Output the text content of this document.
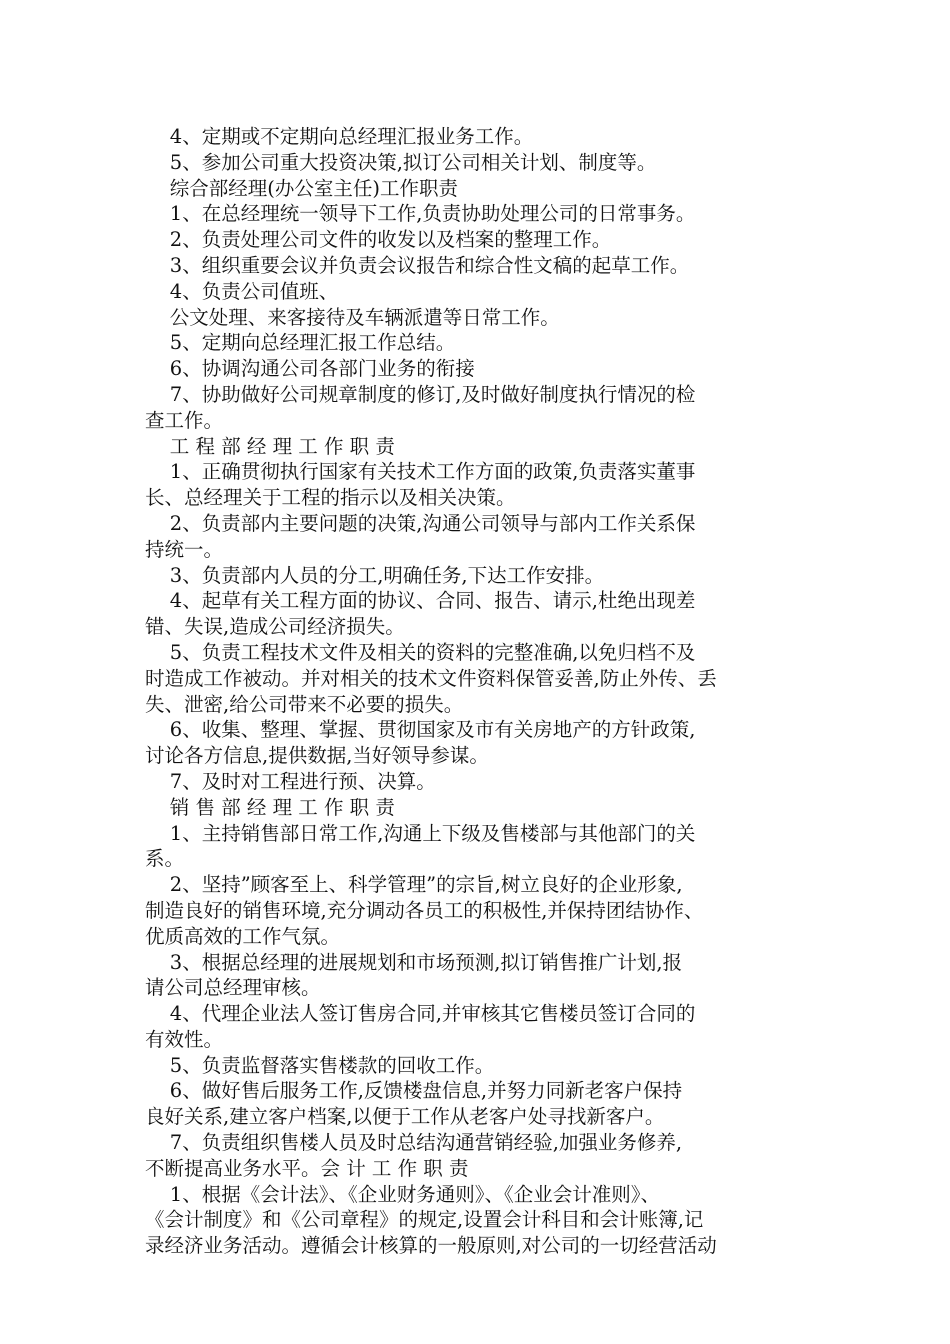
4、定期或不定期向总经理汇报业务工作。
5、参加公司重大投资决策,拟订公司相关计划、制度等。
综合部经理(办公室主任)工作职责
1、在总经理统一领导下工作,负责协助处理公司的日常事务。
2、负责处理公司文件的收发以及档案的整理工作。
3、组织重要会议并负责会议报告和综合性文稿的起草工作。
4、负责公司值班、
公文处理、来客接待及车辆派遣等日常工作。
5、定期向总经理汇报工作总结。
6、协调沟通公司各部门业务的衔接
7、协助做好公司规章制度的修订,及时做好制度执行情况的检
查工作。
工 程 部 经 理 工 作 职 责
1、正确贯彻执行国家有关技术工作方面的政策,负责落实董事
长、总经理关于工程的指示以及相关决策。
2、负责部内主要问题的决策,沟通公司领导与部内工作关系保
持统一。
3、负责部内人员的分工,明确任务,下达工作安排。
4、起草有关工程方面的协议、合同、报告、请示,杜绝出现差
错、失误,造成公司经济损失。
5、负责工程技术文件及相关的资料的完整准确,以免归档不及
时造成工作被动。并对相关的技术文件资料保管妥善,防止外传、丢
失、泄密,给公司带来不必要的损失。
6、收集、整理、掌握、贯彻国家及市有关房地产的方针政策,
讨论各方信息,提供数据,当好领导参谋。
7、及时对工程进行预、决算。
销 售 部 经 理 工 作 职 责
1、主持销售部日常工作,沟通上下级及售楼部与其他部门的关
系。
2、坚持”顾客至上、科学管理”的宗旨,树立良好的企业形象,
制造良好的销售环境,充分调动各员工的积极性,并保持团结协作、
优质高效的工作气氛。
3、根据总经理的进展规划和市场预测,拟订销售推广计划,报
请公司总经理审核。
4、代理企业法人签订售房合同,并审核其它售楼员签订合同的
有效性。
5、负责监督落实售楼款的回收工作。
6、做好售后服务工作,反馈楼盘信息,并努力同新老客户保持
良好关系,建立客户档案,以便于工作从老客户处寻找新客户。
7、负责组织售楼人员及时总结沟通营销经验,加强业务修养,
不断提高业务水平。会 计 工 作 职 责
1、根据《会计法》、《企业财务通则》、《企业会计准则》、
《会计制度》和《公司章程》的规定,设置会计科目和会计账簿,记
录经济业务活动。遵循会计核算的一般原则,对公司的一切经营活动
